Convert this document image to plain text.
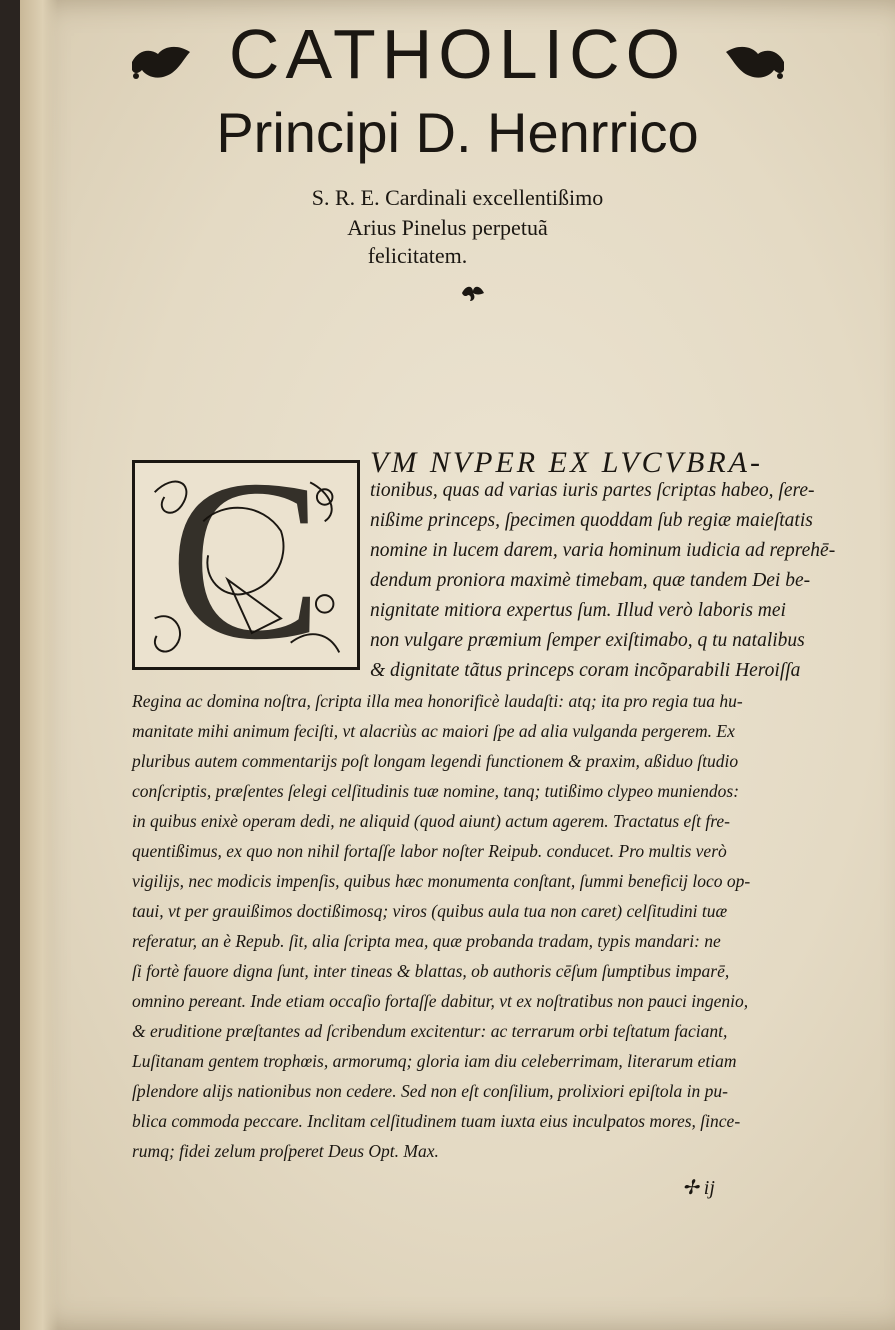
CATHOLICO
Principi D. Henrrico
S. R. E. Cardinali excellentißimo
Arius Pinelus perpetuã
felicitatem.
C	VM NVPER EX LVCVBRA-
tionibus, quas ad varias iuris partes ſcriptas habeo, ſere-
nißime princeps, ſpecimen quoddam ſub regiæ maieſtatis
nomine in lucem darem, varia hominum iudicia ad reprehē-
dendum proniora maximè timebam, quæ tandem Dei be-
nignitate mitiora expertus ſum. Illud verò laboris mei
non vulgare præmium ſemper exiſtimabo, q tu natalibus
& dignitate tãtus princeps coram incõparabili Heroiſſa
Regina ac domina noſtra, ſcripta illa mea honorificè laudaſti: atq; ita pro regia tua hu-
manitate mihi animum feciſti, vt alacriùs ac maiori ſpe ad alia vulganda pergerem. Ex
pluribus autem commentarijs poſt longam legendi functionem & praxim, aßiduo ſtudio
conſcriptis, præſentes ſelegi celſitudinis tuæ nomine, tanq; tutißimo clypeo muniendos:
in quibus enixè operam dedi, ne aliquid (quod aiunt) actum agerem. Tractatus eſt fre-
quentißimus, ex quo non nihil fortaſſe labor noſter Reipub. conducet. Pro multis verò
vigilijs, nec modicis impenſis, quibus hæc monumenta conſtant, ſummi beneficij loco op-
taui, vt per grauißimos doctißimosq; viros (quibus aula tua non caret) celſitudini tuæ
referatur, an è Repub. ſit, alia ſcripta mea, quæ probanda tradam, typis mandari: ne
ſi fortè fauore digna ſunt, inter tineas & blattas, ob authoris cēſum ſumptibus imparē,
omnino pereant. Inde etiam occaſio fortaſſe dabitur, vt ex noſtratibus non pauci ingenio,
& eruditione præſtantes ad ſcribendum excitentur: ac terrarum orbi teſtatum faciant,
Luſitanam gentem trophœis, armorumq; gloria iam diu celeberrimam, literarum etiam
ſplendore alijs nationibus non cedere. Sed non eſt conſilium, prolixiori epiſtola in pu-
blica commoda peccare. Inclitam celſitudinem tuam iuxta eius inculpatos mores, ſince-
rumq; fidei zelum proſperet Deus Opt. Max.
✢ ij
